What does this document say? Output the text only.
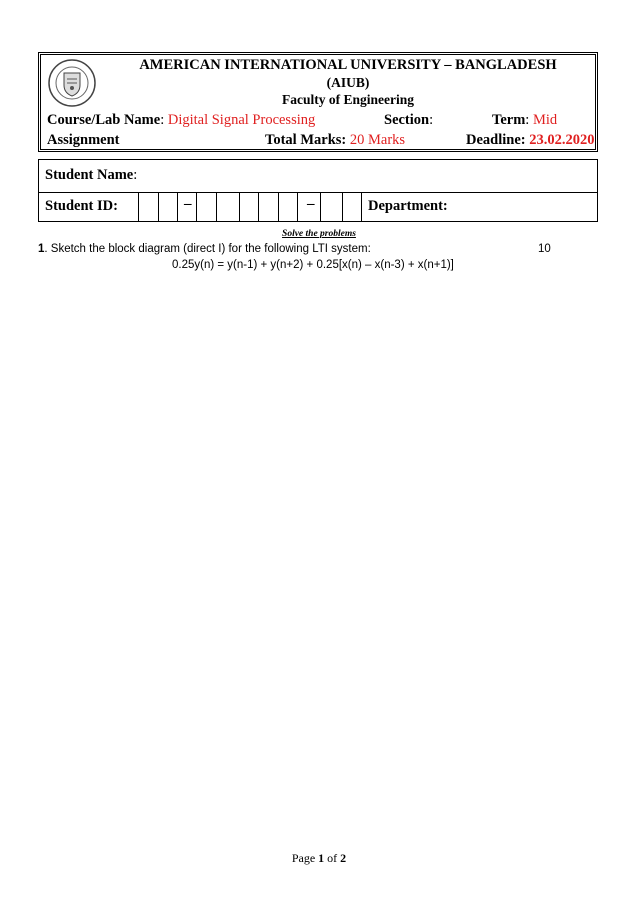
AMERICAN INTERNATIONAL UNIVERSITY – BANGLADESH
(AIUB)
Faculty of Engineering
Course/Lab Name: Digital Signal Processing	Section:	Term: Mid
Assignment	Total Marks: 20 Marks	Deadline: 23.02.2020
Student Name:
Student ID:	–	–	Department:
Solve the problems
1. Sketch the block diagram (direct I) for the following LTI system:	10
0.25y(n) = y(n-1) + y(n+2) + 0.25[x(n) – x(n-3) + x(n+1)]
Page 1 of 2
